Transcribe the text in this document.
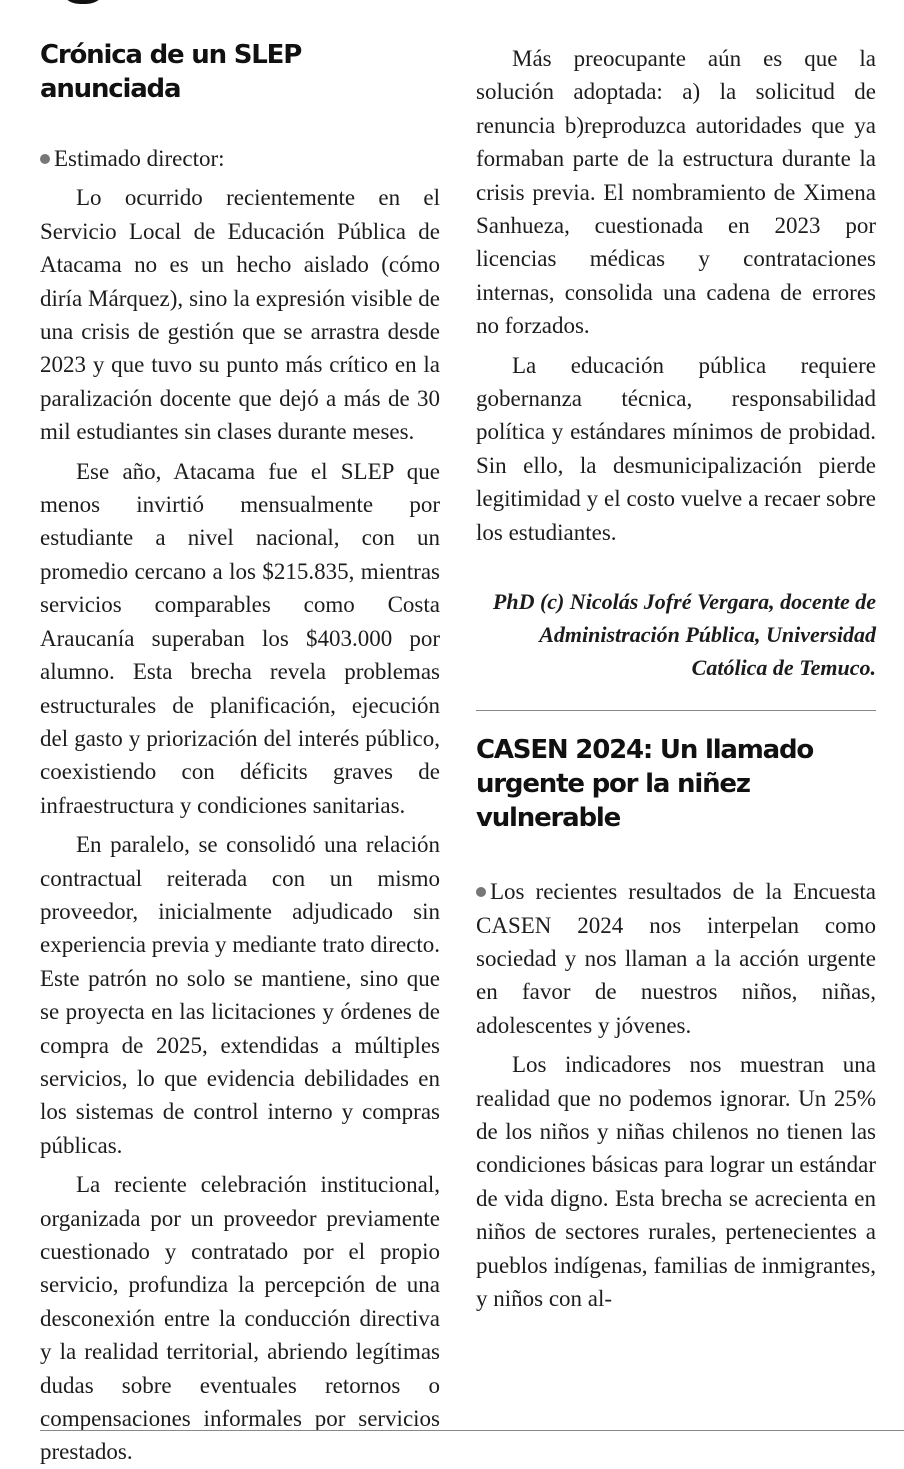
Crónica de un SLEP anunciada

Estimado director:

Lo ocurrido recientemente en el Servicio Local de Educación Pública de Atacama no es un hecho aislado (cómo diría Márquez), sino la expresión visible de una crisis de gestión que se arrastra desde 2023 y que tuvo su punto más crítico en la paralización docente que dejó a más de 30 mil estudiantes sin clases durante meses.

Ese año, Atacama fue el SLEP que menos invirtió mensualmente por estudiante a nivel nacional, con un promedio cercano a los $215.835, mientras servicios comparables como Costa Araucanía superaban los $403.000 por alumno. Esta brecha revela problemas estructurales de planificación, ejecución del gasto y priorización del interés público, coexistiendo con déficits graves de infraestructura y condiciones sanitarias.

En paralelo, se consolidó una relación contractual reiterada con un mismo proveedor, inicialmente adjudicado sin experiencia previa y mediante trato directo. Este patrón no solo se mantiene, sino que se proyecta en las licitaciones y órdenes de compra de 2025, extendidas a múltiples servicios, lo que evidencia debilidades en los sistemas de control interno y compras públicas.

La reciente celebración institucional, organizada por un proveedor previamente cuestionado y contratado por el propio servicio, profundiza la percepción de una desconexión entre la conducción directiva y la realidad territorial, abriendo legítimas dudas sobre eventuales retornos o compensaciones informales por servicios prestados.

Más preocupante aún es que la solución adoptada: a) la solicitud de renuncia b)reproduzca autoridades que ya formaban parte de la estructura durante la crisis previa. El nombramiento de Ximena Sanhueza, cuestionada en 2023 por licencias médicas y contrataciones internas, consolida una cadena de errores no forzados.

La educación pública requiere gobernanza técnica, responsabilidad política y estándares mínimos de probidad. Sin ello, la desmunicipalización pierde legitimidad y el costo vuelve a recaer sobre los estudiantes.

PhD (c) Nicolás Jofré Vergara, docente de Administración Pública, Universidad Católica de Temuco.

CASEN 2024: Un llamado urgente por la niñez vulnerable

Los recientes resultados de la Encuesta CASEN 2024 nos interpelan como sociedad y nos llaman a la acción urgente en favor de nuestros niños, niñas, adolescentes y jóvenes.

Los indicadores nos muestran una realidad que no podemos ignorar. Un 25% de los niños y niñas chilenos no tienen las condiciones básicas para lograr un estándar de vida digno. Esta brecha se acrecienta en niños de sectores rurales, pertenecientes a pueblos indígenas, familias de inmigrantes, y niños con al-
